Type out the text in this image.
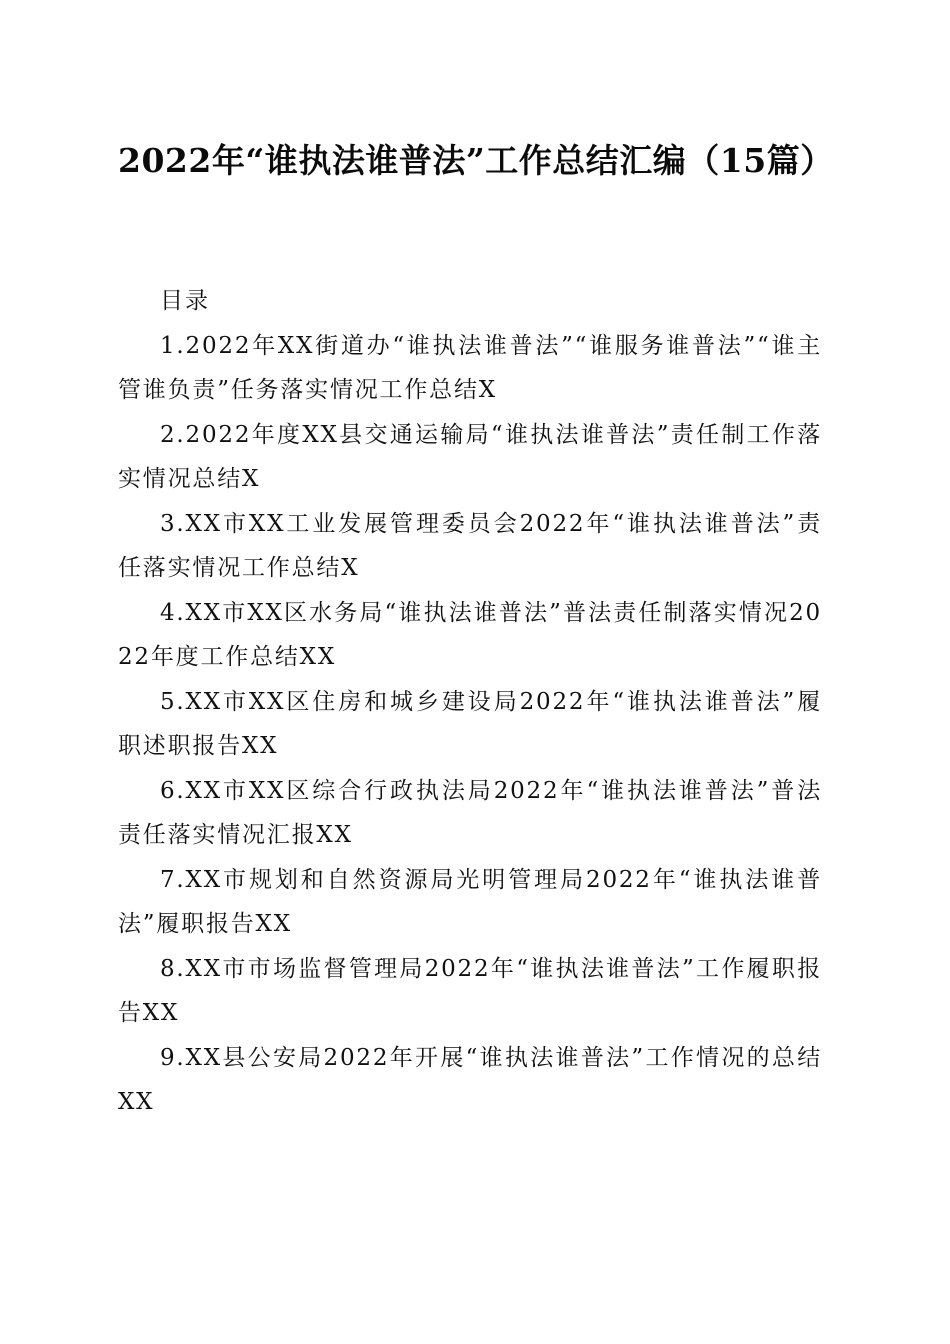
2022年“谁执法谁普法”工作总结汇编（15篇）

目录

1.2022年XX街道办“谁执法谁普法”“谁服务谁普法”“谁主管谁负责”任务落实情况工作总结X
2.2022年度XX县交通运输局“谁执法谁普法”责任制工作落实情况总结X
3.XX市XX工业发展管理委员会2022年“谁执法谁普法”责任落实情况工作总结X
4.XX市XX区水务局“谁执法谁普法”普法责任制落实情况2022年度工作总结XX
5.XX市XX区住房和城乡建设局2022年“谁执法谁普法”履职述职报告XX
6.XX市XX区综合行政执法局2022年“谁执法谁普法”普法责任落实情况汇报XX
7.XX市规划和自然资源局光明管理局2022年“谁执法谁普法”履职报告XX
8.XX市市场监督管理局2022年“谁执法谁普法”工作履职报告XX
9.XX县公安局2022年开展“谁执法谁普法”工作情况的总结XX
